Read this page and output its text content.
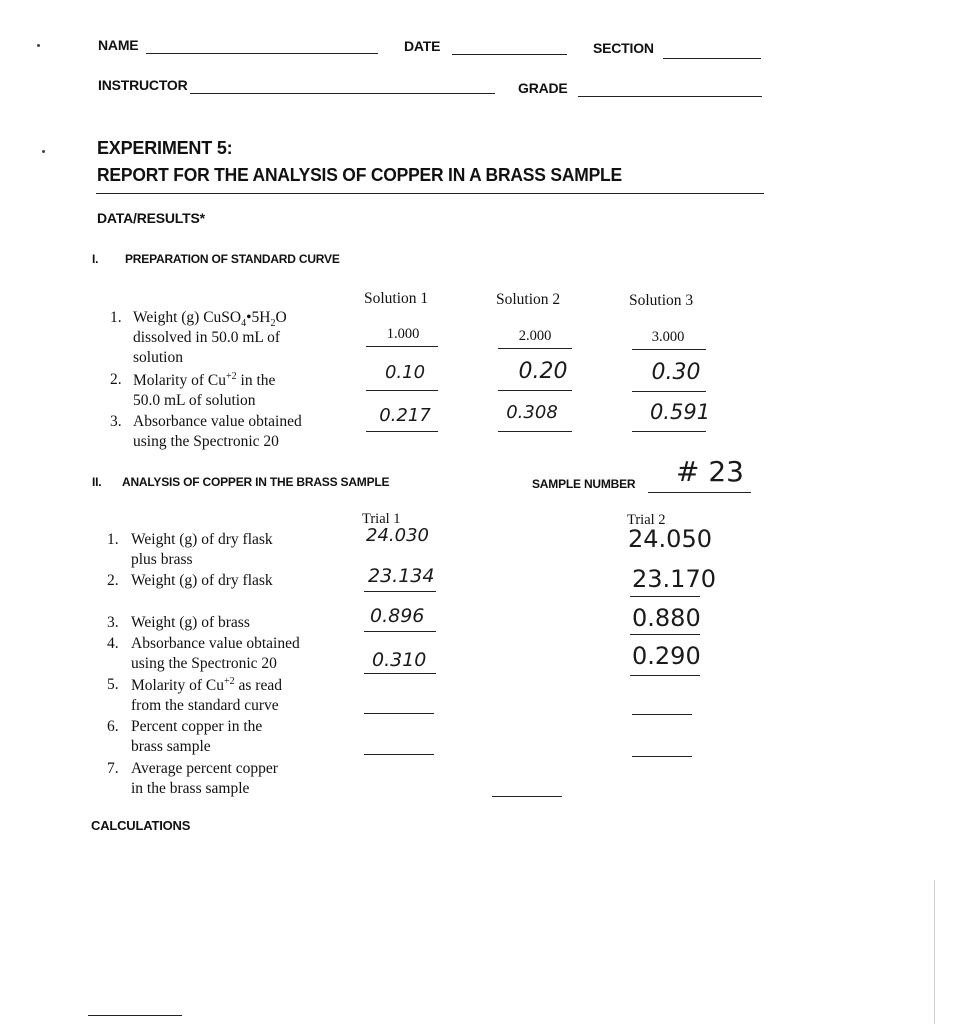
NAME	DATE	SECTION
INSTRUCTOR	GRADE
EXPERIMENT 5:
REPORT FOR THE ANALYSIS OF COPPER IN A BRASS SAMPLE
DATA/RESULTS*
I. PREPARATION OF STANDARD CURVE
Solution 1	Solution 2	Solution 3
1. Weight (g) $CuSO_4•5H_2O$
dissolved in 50.0 mL of
solution
1.000	2.000	3.000
2. Molarity of $Cu^{+2}$ in the
50.0 mL of solution
0.10	0.20	0.30
3. Absorbance value obtained
using the Spectronic 20
0.217	0.308	0.591
II. ANALYSIS OF COPPER IN THE BRASS SAMPLE	SAMPLE NUMBER # 23
Trial 1	Trial 2
1. Weight (g) of dry flask
plus brass
24.030	24.050
2. Weight (g) of dry flask	23.134	23.170
3. Weight (g) of brass	0.896	0.880
4. Absorbance value obtained
using the Spectronic 20	0.310	0.290
5. Molarity of $Cu^{+2}$ as read
from the standard curve
6. Percent copper in the
brass sample
7. Average percent copper
in the brass sample
CALCULATIONS
